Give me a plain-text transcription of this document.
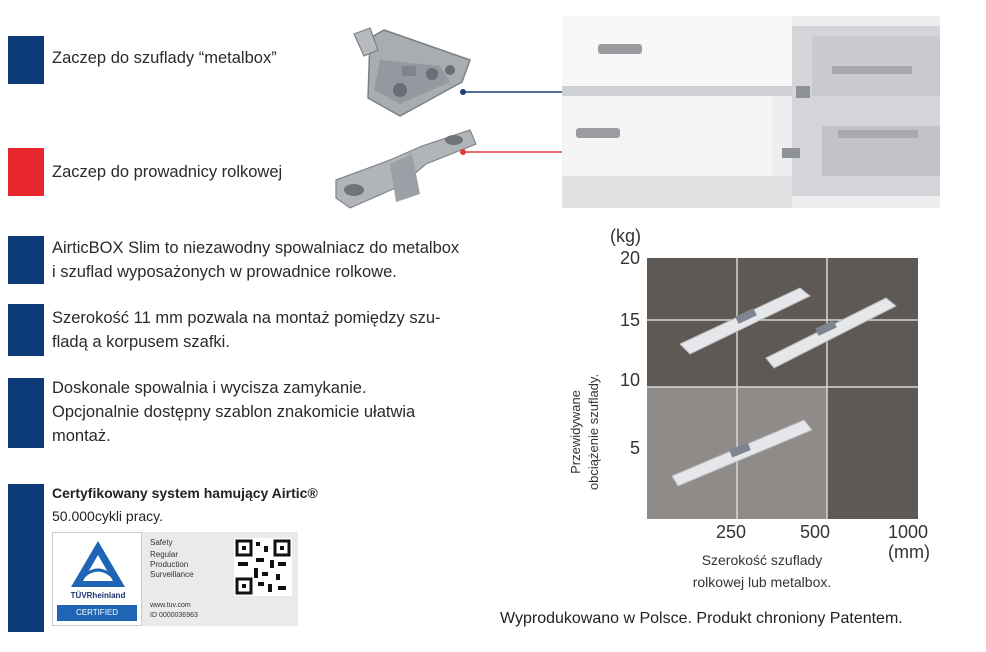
Zaczep do szuflady “metalbox”
Zaczep do prowadnicy rolkowej
AirticBOX Slim to niezawodny spowalniacz do metalbox
i szuflad wyposażonych w prowadnice rolkowe.
Szerokość 11 mm pozwala na montaż pomiędzy szu-
fladą a korpusem szafki.
Doskonale spowalnia i wycisza zamykanie.
Opcjonalnie dostępny szablon znakomicie ułatwia
montaż.
(kg)
20
15
10
5
250	500	1000
(mm)
Szerokość szuflady
rolkowej lub metalbox.
Przewidywane obciążenie szuflady.
Certyfikowany system hamujący Airtic®
50.000cykli pracy.
TÜVRheinland
CERTIFIED
Safety
Regular
Production
Surveillance
www.tuv.com
ID 0000036963	Wyprodukowano w Polsce. Produkt chroniony Patentem.
